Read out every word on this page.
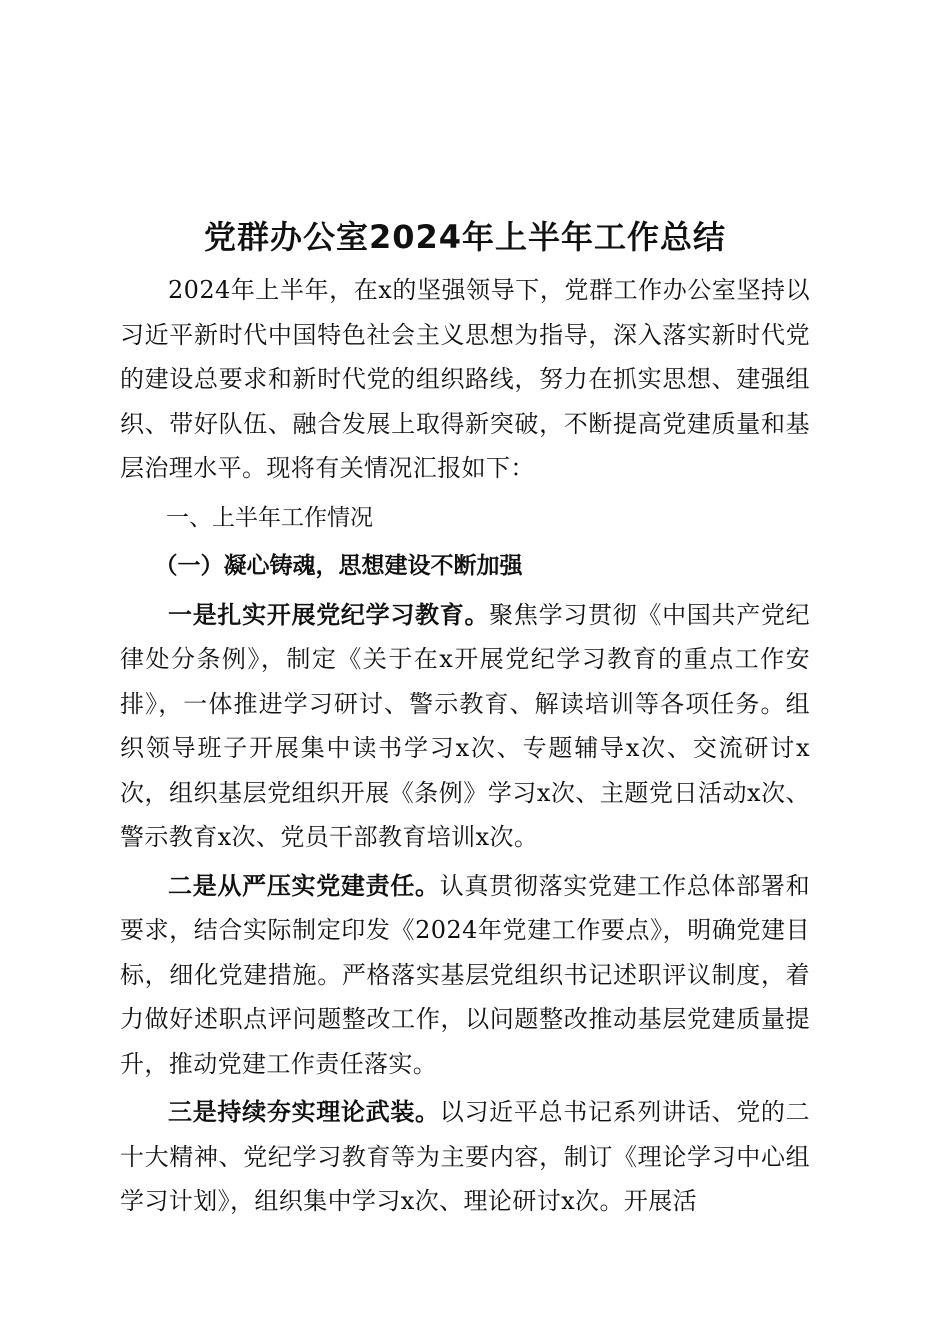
党群办公室2024年上半年工作总结

2024年上半年，在x的坚强领导下，党群工作办公室坚持以习近平新时代中国特色社会主义思想为指导，深入落实新时代党的建设总要求和新时代党的组织路线，努力在抓实思想、建强组织、带好队伍、融合发展上取得新突破，不断提高党建质量和基层治理水平。现将有关情况汇报如下：

一、上半年工作情况

（一）凝心铸魂，思想建设不断加强

一是扎实开展党纪学习教育。聚焦学习贯彻《中国共产党纪律处分条例》，制定《关于在x开展党纪学习教育的重点工作安排》，一体推进学习研讨、警示教育、解读培训等各项任务。组织领导班子开展集中读书学习x次、专题辅导x次、交流研讨x次，组织基层党组织开展《条例》学习x次、主题党日活动x次、警示教育x次、党员干部教育培训x次。

二是从严压实党建责任。认真贯彻落实党建工作总体部署和要求，结合实际制定印发《2024年党建工作要点》，明确党建目标，细化党建措施。严格落实基层党组织书记述职评议制度，着力做好述职点评问题整改工作，以问题整改推动基层党建质量提升，推动党建工作责任落实。

三是持续夯实理论武装。以习近平总书记系列讲话、党的二十大精神、党纪学习教育等为主要内容，制订《理论学习中心组学习计划》，组织集中学习x次、理论研讨x次。开展活
